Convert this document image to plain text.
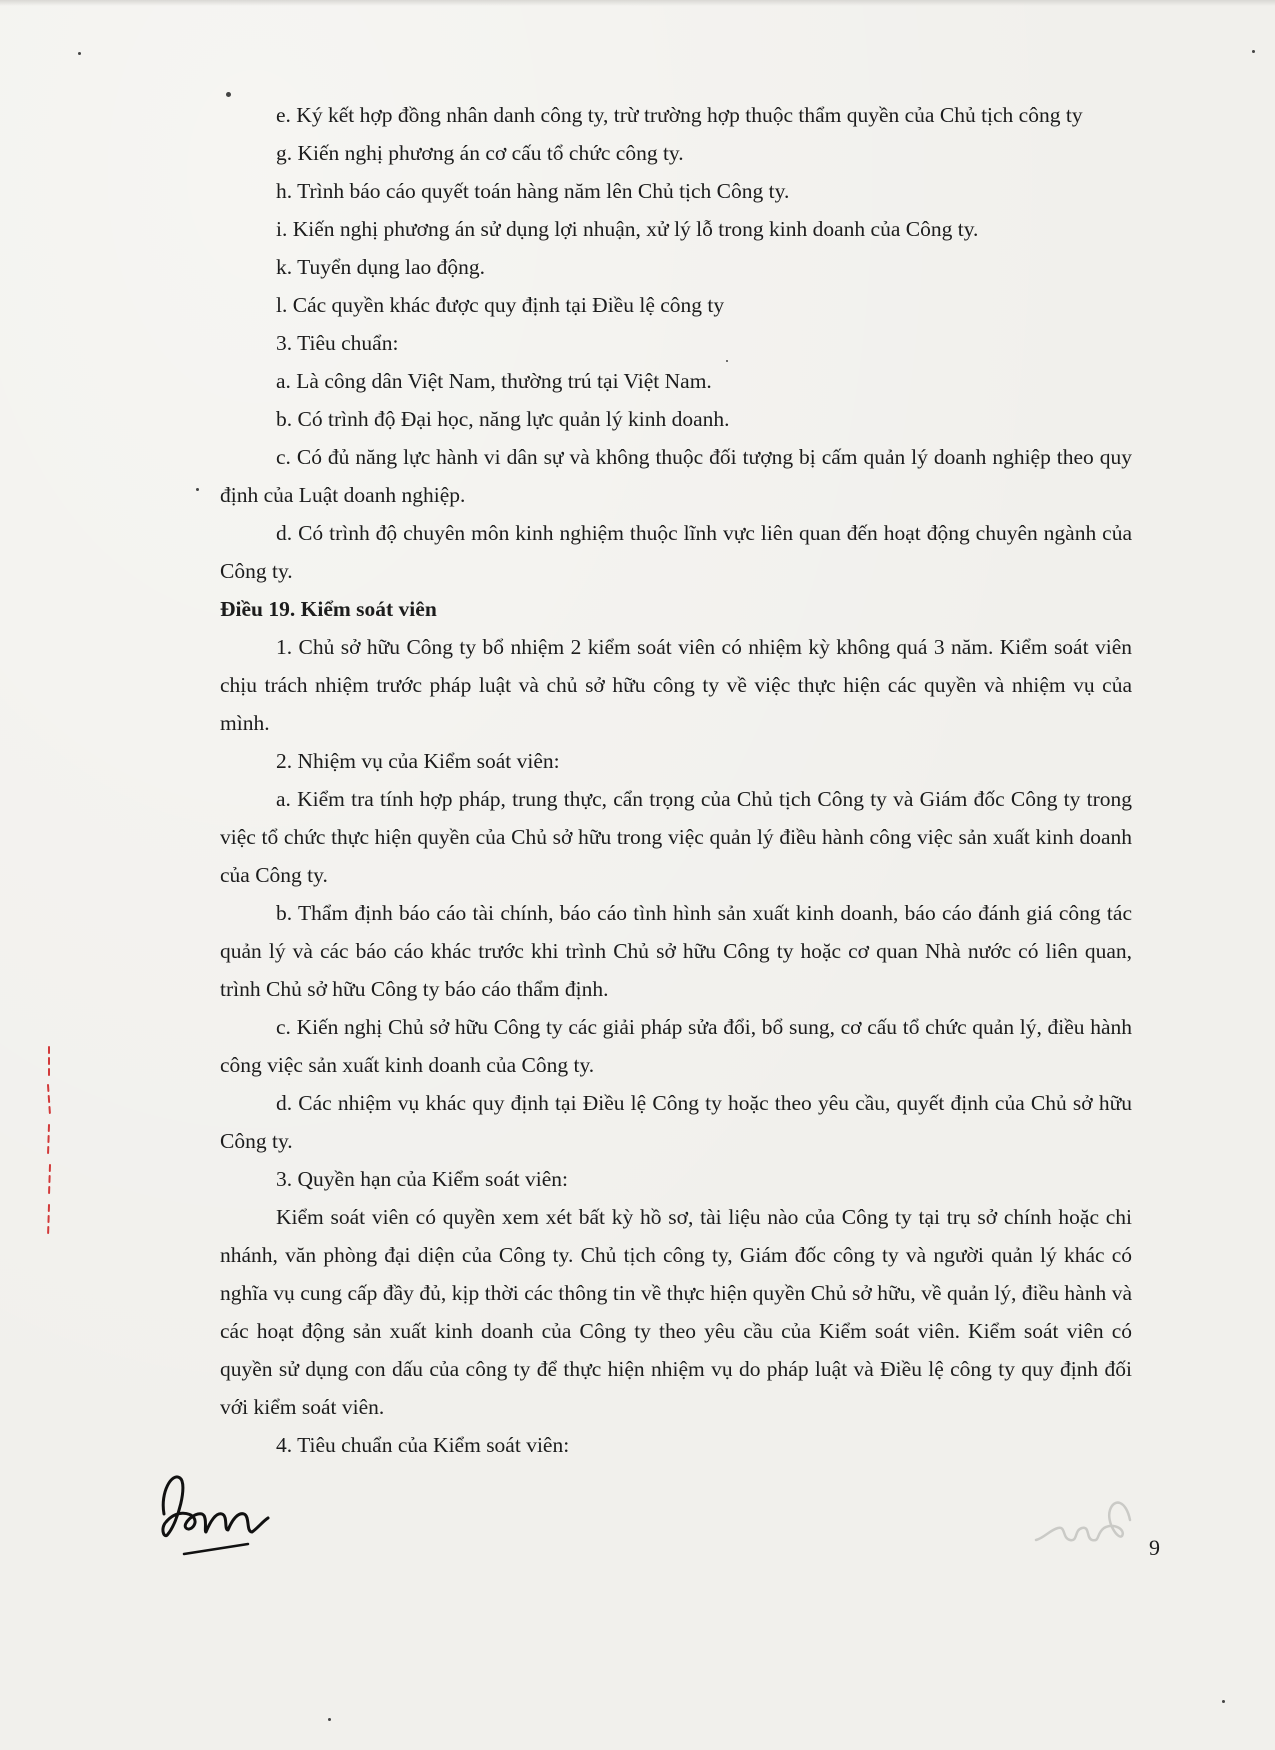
e. Ký kết hợp đồng nhân danh công ty, trừ trường hợp thuộc thẩm quyền của Chủ tịch công ty

g. Kiến nghị phương án cơ cấu tổ chức công ty.

h. Trình báo cáo quyết toán hàng năm lên Chủ tịch Công ty.

i. Kiến nghị phương án sử dụng lợi nhuận, xử lý lỗ trong kinh doanh của Công ty.

k. Tuyển dụng lao động.

l. Các quyền khác được quy định tại Điều lệ công ty

3. Tiêu chuẩn:

a. Là công dân Việt Nam, thường trú tại Việt Nam.

b. Có trình độ Đại học, năng lực quản lý kinh doanh.

c. Có đủ năng lực hành vi dân sự và không thuộc đối tượng bị cấm quản lý doanh nghiệp theo quy định của Luật doanh nghiệp.

d. Có trình độ chuyên môn kinh nghiệm thuộc lĩnh vực liên quan đến hoạt động chuyên ngành của Công ty.

Điều 19. Kiểm soát viên

1. Chủ sở hữu Công ty bổ nhiệm 2 kiểm soát viên có nhiệm kỳ không quá 3 năm. Kiểm soát viên chịu trách nhiệm trước pháp luật và chủ sở hữu công ty về việc thực hiện các quyền và nhiệm vụ của mình.

2. Nhiệm vụ của Kiểm soát viên:

a. Kiểm tra tính hợp pháp, trung thực, cẩn trọng của Chủ tịch Công ty và Giám đốc Công ty trong việc tổ chức thực hiện quyền của Chủ sở hữu trong việc quản lý điều hành công việc sản xuất kinh doanh của Công ty.

b. Thẩm định báo cáo tài chính, báo cáo tình hình sản xuất kinh doanh, báo cáo đánh giá công tác quản lý và các báo cáo khác trước khi trình Chủ sở hữu Công ty hoặc cơ quan Nhà nước có liên quan, trình Chủ sở hữu Công ty báo cáo thẩm định.

c. Kiến nghị Chủ sở hữu Công ty các giải pháp sửa đổi, bổ sung, cơ cấu tổ chức quản lý, điều hành công việc sản xuất kinh doanh của Công ty.

d. Các nhiệm vụ khác quy định tại Điều lệ Công ty hoặc theo yêu cầu, quyết định của Chủ sở hữu Công ty.

3. Quyền hạn của Kiểm soát viên:

Kiểm soát viên có quyền xem xét bất kỳ hồ sơ, tài liệu nào của Công ty tại trụ sở chính hoặc chi nhánh, văn phòng đại diện của Công ty. Chủ tịch công ty, Giám đốc công ty và người quản lý khác có nghĩa vụ cung cấp đầy đủ, kịp thời các thông tin về thực hiện quyền Chủ sở hữu, về quản lý, điều hành và các hoạt động sản xuất kinh doanh của Công ty theo yêu cầu của Kiểm soát viên. Kiểm soát viên có quyền sử dụng con dấu của công ty để thực hiện nhiệm vụ do pháp luật và Điều lệ công ty quy định đối với kiểm soát viên.

4. Tiêu chuẩn của Kiểm soát viên:

9
